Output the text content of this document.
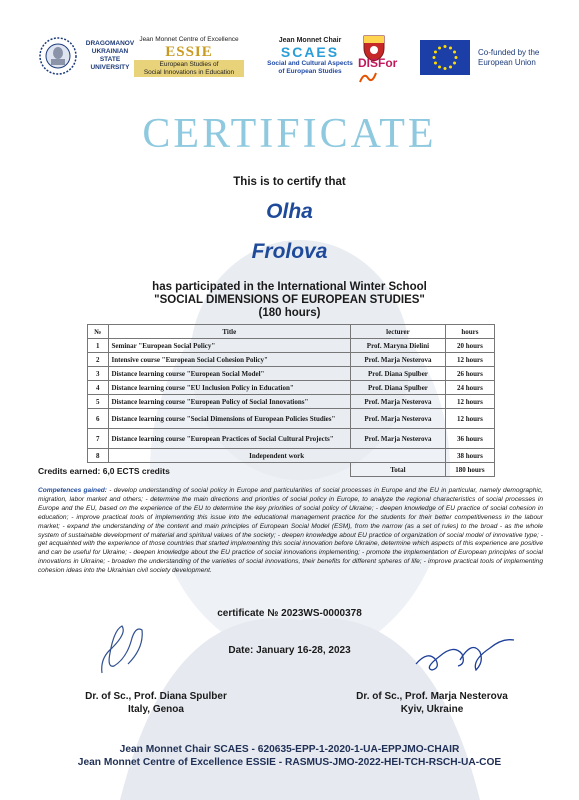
DRAGOMANOV
UKRAINIAN
STATE
UNIVERSITY
Jean Monnet Centre of Excellence
ESSIE
European Studies of
Social Innovations in Education
Jean Monnet Chair
SCAES
Social and Cultural Aspects
of European Studies
DISFor
Co-funded by the
European Union
CERTIFICATE
This is to certify that
Olha
Frolova
has participated in the International Winter School
"SOCIAL DIMENSIONS OF EUROPEAN STUDIES"
(180 hours)
№	Title	lecturer	hours
1	Seminar "European Social Policy"	Prof. Maryna Dielini	20 hours
2	Intensive course "European Social Cohesion Policy"	Prof. Marja Nesterova	12 hours
3	Distance learning course "European Social Model"	Prof. Diana Spulber	26 hours
4	Distance learning course "EU Inclusion Policy in Education"	Prof. Diana Spulber	24 hours
5	Distance learning course "European Policy of Social Innovations"	Prof. Marja Nesterova	12 hours
6	Distance learning course "Social Dimensions of European Policies Studies"	Prof. Marja Nesterova	12 hours
7	Distance learning course "European Practices of Social Cultural Projects"	Prof. Marja Nesterova	36 hours
8	Independent work		38 hours
		Total	180 hours
Credits earned: 6,0 ECTS credits
Competences gained: - develop understanding of social policy in Europe and particularities of social processes in Europe and the EU in particular, namely demographic, migration, labor market and others; - determine the main directions and priorities of social policy in Europe, to analyze the regional characteristics of social processes in Europe and the EU, based on the experience of the EU to determine the key priorities of social policy of Ukraine; - deepen knowledge of EU practice of social cohesion in education; - improve practical tools of implementing this issue into the educational management practice for the students for their better competitiveness in the labour market; - expand the understanding of the content and main principles of European Social Model (ESM), from the narrow (as a set of rules) to the broad - as the whole system of sustainable development of material and spiritual values of the society; - deepen knowledge about EU practice of organization of social model of innovative type; - get acquainted with the experience of those countries that started implementing this social innovation before Ukraine, determine which aspects of this experience are positive and can be useful for Ukraine; - deepen knowledge about the EU practice of social innovations implementing; - promote the implementation of European principles of social innovations in Ukraine; - broaden the understanding of the varieties of social innovations, their benefits for different spheres of life; - improve practical tools of implementing cohesion ideas into the Ukrainian civil society development.
certificate № 2023WS-0000378
Date: January 16-28, 2023
Dr. of Sc., Prof. Diana Spulber
Italy, Genoa
Dr. of Sc., Prof. Marja Nesterova
Kyiv, Ukraine
Jean Monnet Chair SCAES - 620635-EPP-1-2020-1-UA-EPPJMO-CHAIR
Jean Monnet Centre of Excellence ESSIE - RASMUS-JMO-2022-HEI-TCH-RSCH-UA-COE
